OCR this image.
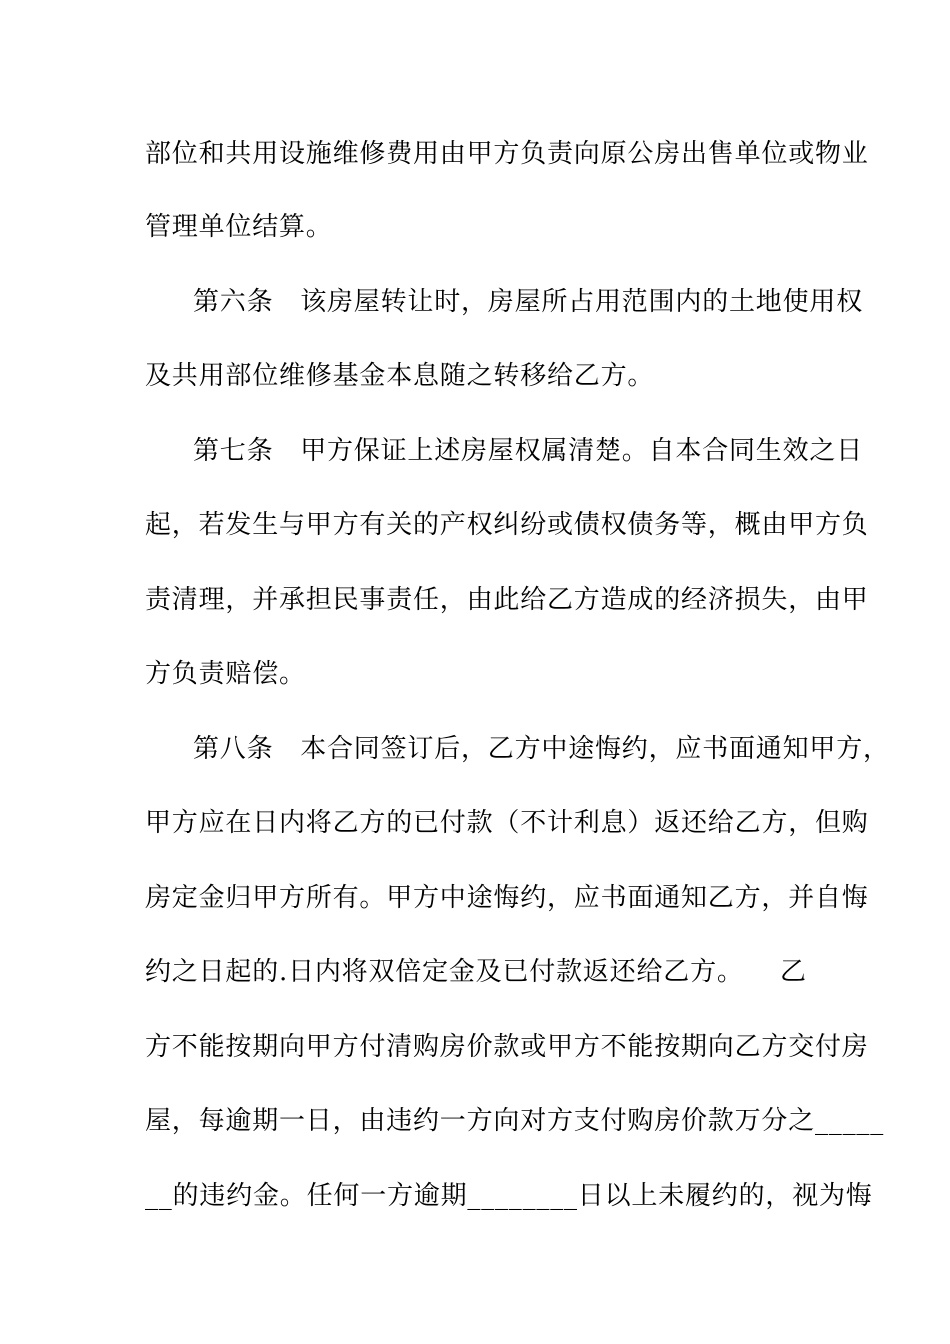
部位和共用设施维修费用由甲方负责向原公房出售单位或物业
管理单位结算。
第六条　该房屋转让时，房屋所占用范围内的土地使用权
及共用部位维修基金本息随之转移给乙方。
第七条　甲方保证上述房屋权属清楚。自本合同生效之日
起，若发生与甲方有关的产权纠纷或债权债务等，概由甲方负
责清理，并承担民事责任，由此给乙方造成的经济损失，由甲
方负责赔偿。
第八条　本合同签订后，乙方中途悔约，应书面通知甲方，
甲方应在日内将乙方的已付款（不计利息）返还给乙方，但购
房定金归甲方所有。甲方中途悔约，应书面通知乙方，并自悔
约之日起的.日内将双倍定金及已付款返还给乙方。	乙
方不能按期向甲方付清购房价款或甲方不能按期向乙方交付房
屋，每逾期一日，由违约一方向对方支付购房价款万分之_____
__的违约金。任何一方逾期________日以上未履约的，视为悔
